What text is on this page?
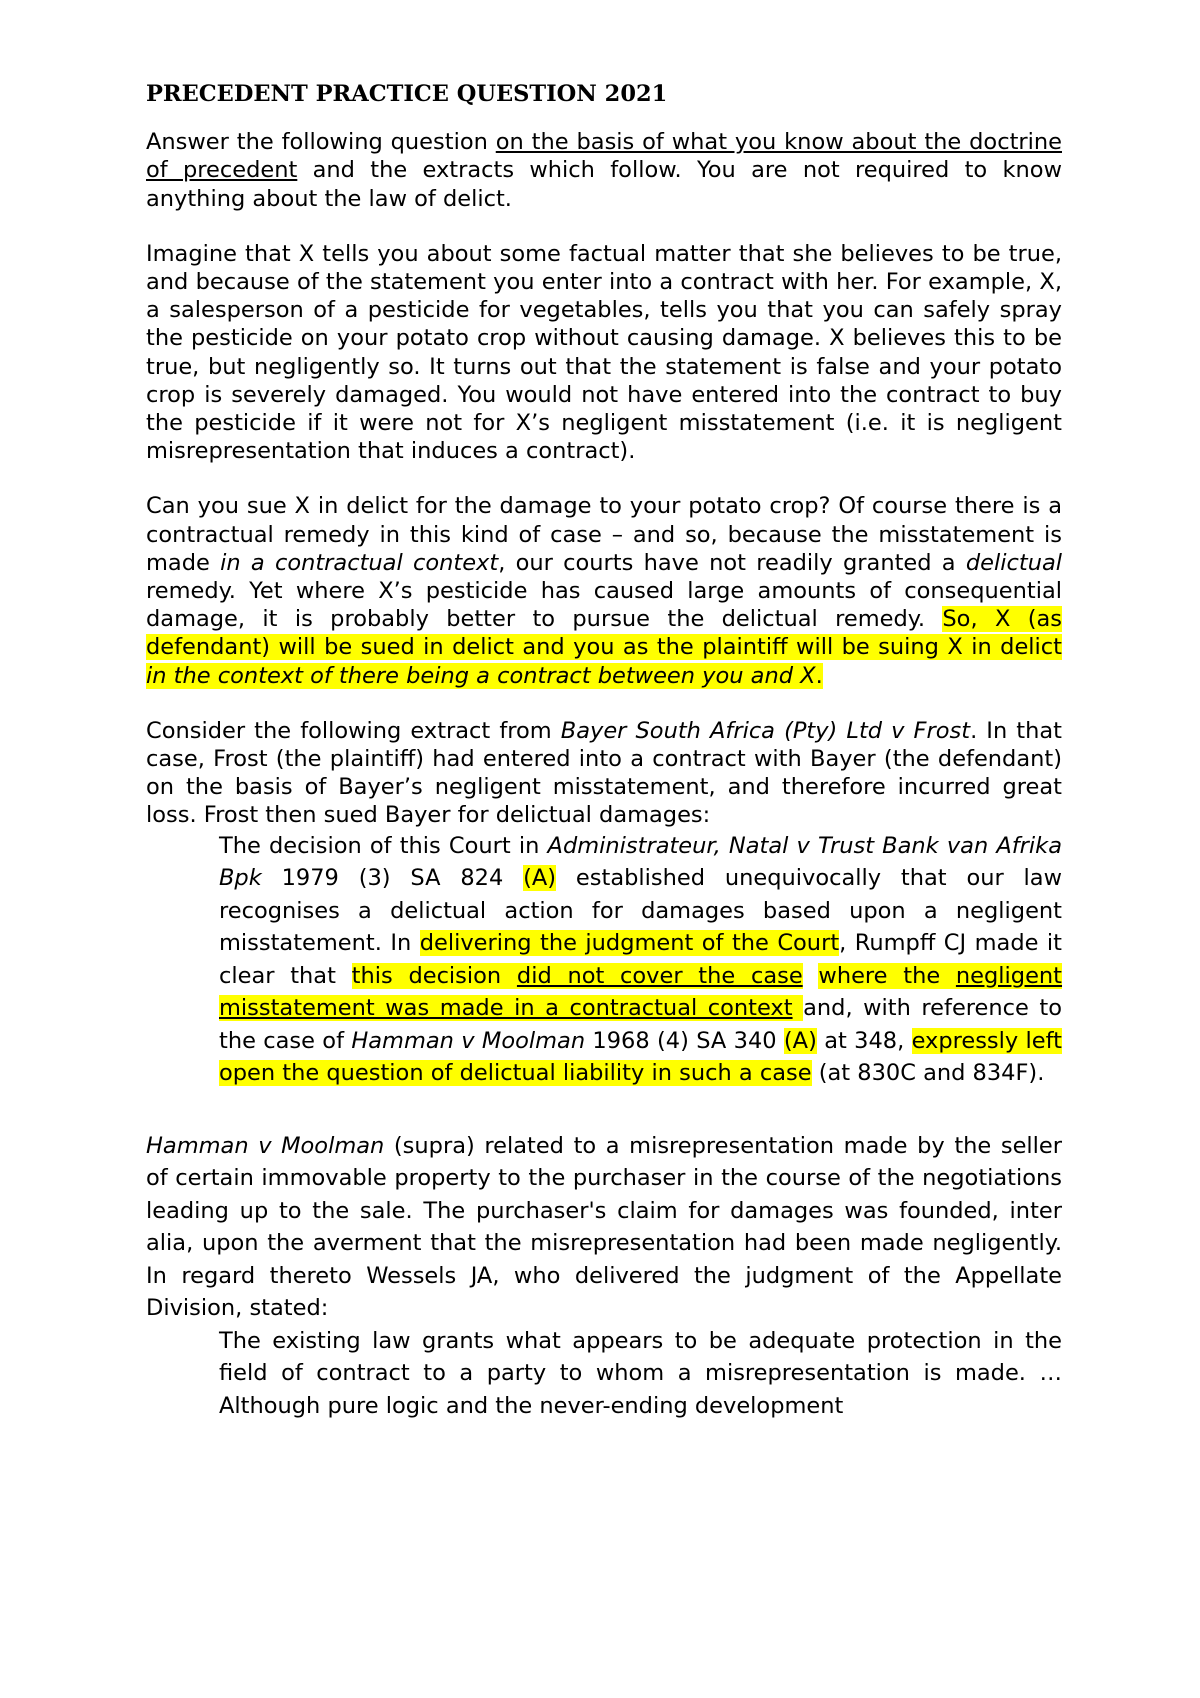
PRECEDENT PRACTICE QUESTION 2021

Answer the following question on the basis of what you know about the doctrine of precedent and the extracts which follow. You are not required to know anything about the law of delict.

Imagine that X tells you about some factual matter that she believes to be true, and because of the statement you enter into a contract with her. For example, X, a salesperson of a pesticide for vegetables, tells you that you can safely spray the pesticide on your potato crop without causing damage. X believes this to be true, but negligently so. It turns out that the statement is false and your potato crop is severely damaged. You would not have entered into the contract to buy the pesticide if it were not for X’s negligent misstatement (i.e. it is negligent misrepresentation that induces a contract).

Can you sue X in delict for the damage to your potato crop? Of course there is a contractual remedy in this kind of case – and so, because the misstatement is made in a contractual context, our courts have not readily granted a delictual remedy. Yet where X’s pesticide has caused large amounts of consequential damage, it is probably better to pursue the delictual remedy. So, X (as defendant) will be sued in delict and you as the plaintiff will be suing X in delict in the context of there being a contract between you and X.

Consider the following extract from Bayer South Africa (Pty) Ltd v Frost. In that case, Frost (the plaintiff) had entered into a contract with Bayer (the defendant) on the basis of Bayer’s negligent misstatement, and therefore incurred great loss. Frost then sued Bayer for delictual damages:

The decision of this Court in Administrateur, Natal v Trust Bank van Afrika Bpk 1979 (3) SA 824 (A) established unequivocally that our law recognises a delictual action for damages based upon a negligent misstatement. In delivering the judgment of the Court, Rumpff CJ made it clear that this decision did not cover the case where the negligent misstatement was made in a contractual context and, with reference to the case of Hamman v Moolman 1968 (4) SA 340 (A) at 348, expressly left open the question of delictual liability in such a case (at 830C and 834F).

Hamman v Moolman (supra) related to a misrepresentation made by the seller of certain immovable property to the purchaser in the course of the negotiations leading up to the sale. The purchaser's claim for damages was founded, inter alia, upon the averment that the misrepresentation had been made negligently. In regard thereto Wessels JA, who delivered the judgment of the Appellate Division, stated:

The existing law grants what appears to be adequate protection in the field of contract to a party to whom a misrepresentation is made. … Although pure logic and the never-ending development
